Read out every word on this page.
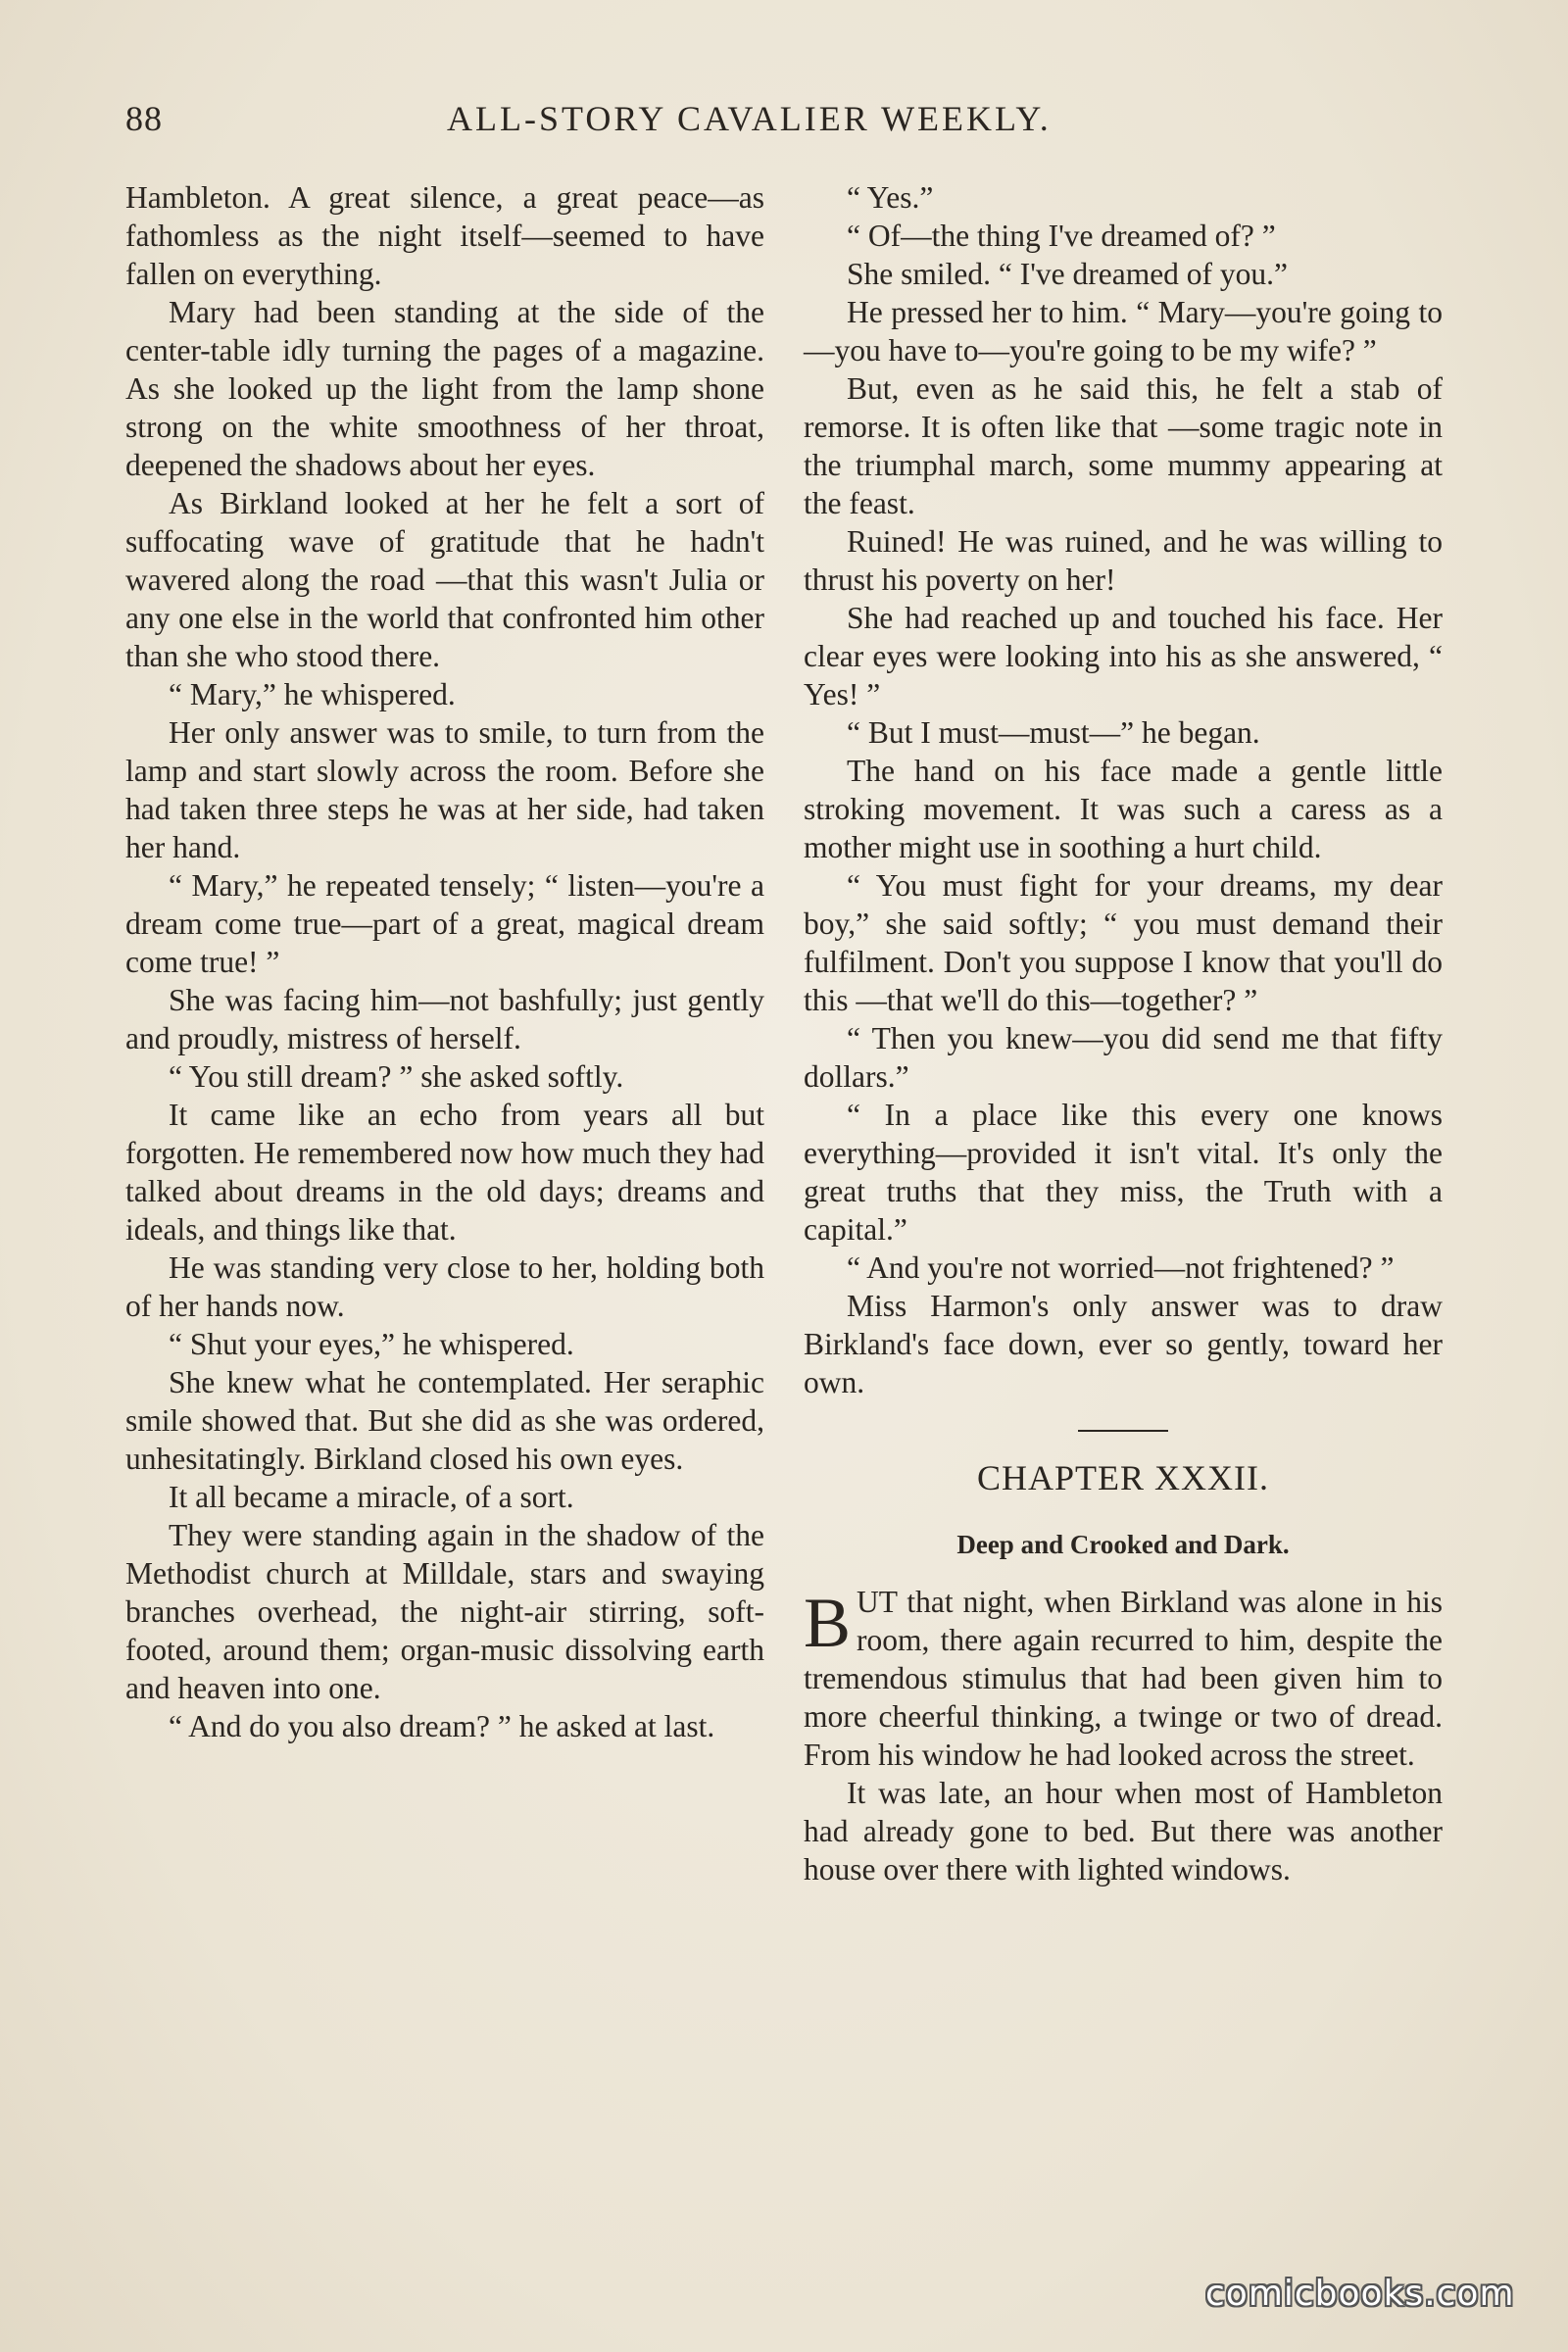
88	ALL-STORY CAVALIER WEEKLY.

Hambleton. A great silence, a great peace—as fathomless as the night itself—seemed to have fallen on everything.

Mary had been standing at the side of the center-table idly turning the pages of a magazine. As she looked up the light from the lamp shone strong on the white smoothness of her throat, deepened the shadows about her eyes.

As Birkland looked at her he felt a sort of suffocating wave of gratitude that he hadn't wavered along the road —that this wasn't Julia or any one else in the world that confronted him other than she who stood there.

“ Mary,” he whispered.

Her only answer was to smile, to turn from the lamp and start slowly across the room. Before she had taken three steps he was at her side, had taken her hand.

“ Mary,” he repeated tensely; “ listen—you're a dream come true—part of a great, magical dream come true! ”

She was facing him—not bashfully; just gently and proudly, mistress of herself.

“ You still dream? ” she asked softly.

It came like an echo from years all but forgotten. He remembered now how much they had talked about dreams in the old days; dreams and ideals, and things like that.

He was standing very close to her, holding both of her hands now.

“ Shut your eyes,” he whispered.

She knew what he contemplated. Her seraphic smile showed that. But she did as she was ordered, unhesitatingly. Birkland closed his own eyes.

It all became a miracle, of a sort.

They were standing again in the shadow of the Methodist church at Milldale, stars and swaying branches overhead, the night-air stirring, soft-footed, around them; organ-music dissolving earth and heaven into one.

“ And do you also dream? ” he asked at last.

“ Yes.”

“ Of—the thing I've dreamed of? ”

She smiled. “ I've dreamed of you.”

He pressed her to him. “ Mary—you're going to—you have to—you're going to be my wife? ”

But, even as he said this, he felt a stab of remorse. It is often like that —some tragic note in the triumphal march, some mummy appearing at the feast.

Ruined! He was ruined, and he was willing to thrust his poverty on her!

She had reached up and touched his face. Her clear eyes were looking into his as she answered, “ Yes! ”

“ But I must—must—” he began.

The hand on his face made a gentle little stroking movement. It was such a caress as a mother might use in soothing a hurt child.

“ You must fight for your dreams, my dear boy,” she said softly; “ you must demand their fulfilment. Don't you suppose I know that you'll do this —that we'll do this—together? ”

“ Then you knew—you did send me that fifty dollars.”

“ In a place like this every one knows everything—provided it isn't vital. It's only the great truths that they miss, the Truth with a capital.”

“ And you're not worried—not frightened? ”

Miss Harmon's only answer was to draw Birkland's face down, ever so gently, toward her own.

CHAPTER XXXII.
Deep and Crooked and Dark.

BUT that night, when Birkland was alone in his room, there again recurred to him, despite the tremendous stimulus that had been given him to more cheerful thinking, a twinge or two of dread. From his window he had looked across the street.

It was late, an hour when most of Hambleton had already gone to bed. But there was another house over there with lighted windows.

comicbooks.com
